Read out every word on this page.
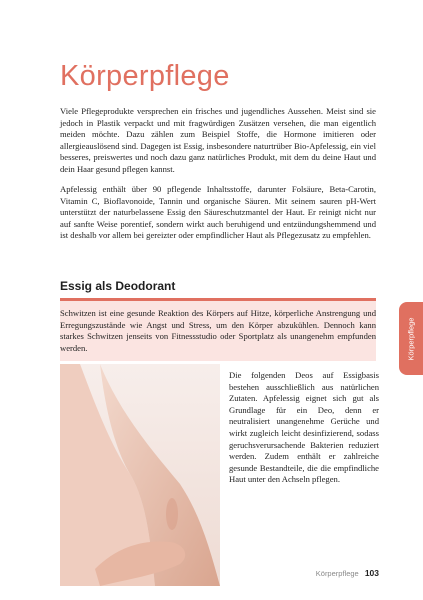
Körperpflege

Viele Pflegeprodukte versprechen ein frisches und jugendliches Aussehen. Meist sind sie jedoch in Plastik verpackt und mit fragwürdigen Zusätzen versehen, die man eigentlich meiden möchte. Dazu zählen zum Beispiel Stoffe, die Hormone imitieren oder allergieauslösend sind. Dagegen ist Essig, insbesondere naturtrüber Bio-Apfelessig, ein viel besseres, preiswertes und noch dazu ganz natürliches Produkt, mit dem du deine Haut und dein Haar gesund pflegen kannst.

Apfelessig enthält über 90 pflegende Inhaltsstoffe, darunter Folsäure, Beta-Carotin, Vitamin C, Bioflavonoide, Tannin und organische Säuren. Mit seinem sauren pH-Wert unterstützt der naturbelassene Essig den Säureschutzmantel der Haut. Er reinigt nicht nur auf sanfte Weise porentief, sondern wirkt auch beruhigend und entzündungshemmend und ist deshalb vor allem bei gereizter oder empfindlicher Haut als Pflegezusatz zu empfehlen.

Essig als Deodorant

Schwitzen ist eine gesunde Reaktion des Körpers auf Hitze, körperliche Anstrengung und Erregungszustände wie Angst und Stress, um den Körper abzukühlen. Dennoch kann starkes Schwitzen jenseits von Fitnessstudio oder Sportplatz als unangenehm empfunden werden.

Die folgenden Deos auf Essigbasis bestehen ausschließlich aus natürlichen Zutaten. Apfelessig eignet sich gut als Grundlage für ein Deo, denn er neutralisiert unangenehme Gerüche und wirkt zugleich leicht desinfizierend, sodass geruchsverursachende Bakterien reduziert werden. Zudem enthält er zahlreiche gesunde Bestandteile, die die empfindliche Haut unter den Achseln pflegen.

Körperpflege
Körperpflege 103
